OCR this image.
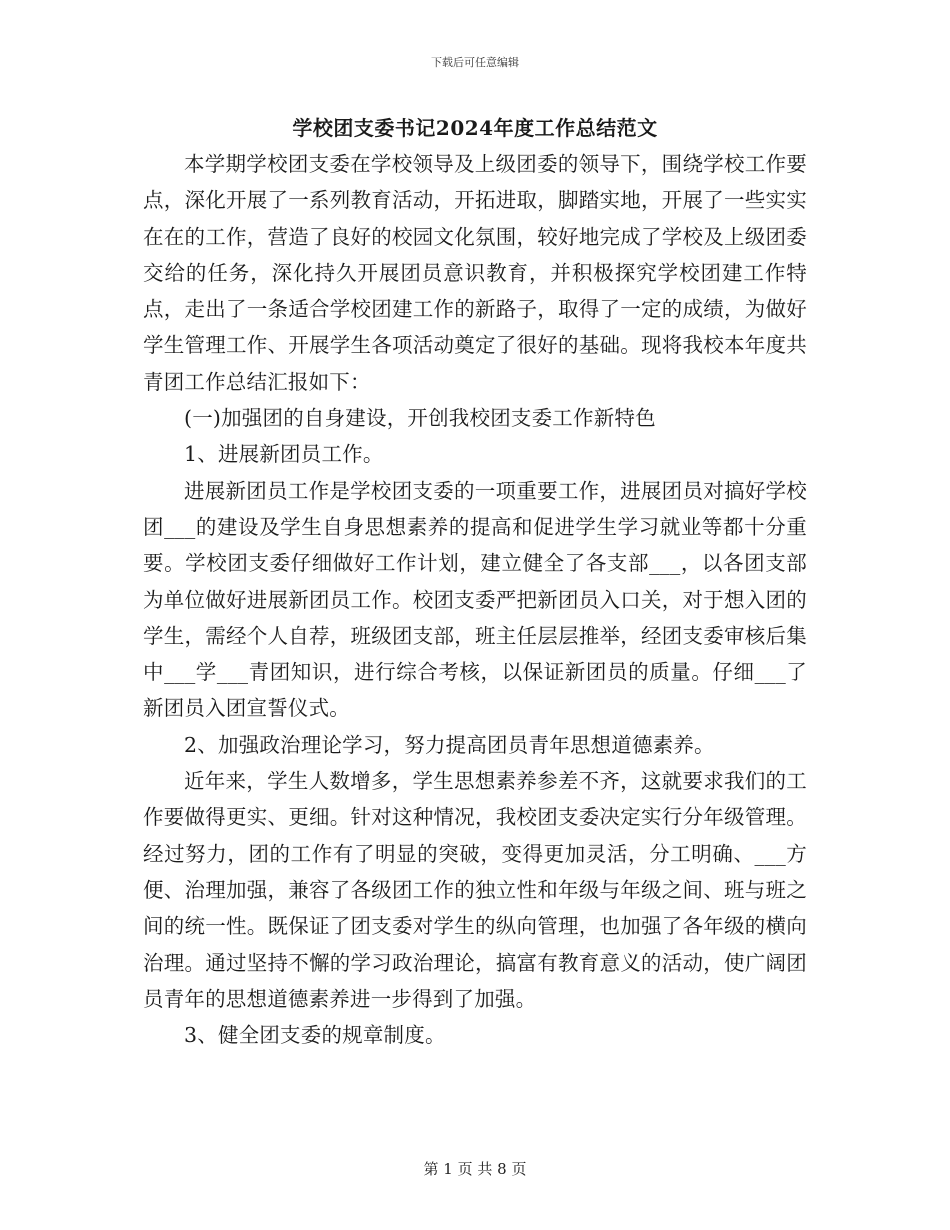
下载后可任意编辑
学校团支委书记2024年度工作总结范文

本学期学校团支委在学校领导及上级团委的领导下，围绕学校工作要点，深化开展了一系列教育活动，开拓进取，脚踏实地，开展了一些实实在在的工作，营造了良好的校园文化氛围，较好地完成了学校及上级团委交给的任务，深化持久开展团员意识教育，并积极探究学校团建工作特点，走出了一条适合学校团建工作的新路子，取得了一定的成绩，为做好学生管理工作、开展学生各项活动奠定了很好的基础。现将我校本年度共青团工作总结汇报如下：

(一)加强团的自身建设，开创我校团支委工作新特色

1、进展新团员工作。

进展新团员工作是学校团支委的一项重要工作，进展团员对搞好学校团___的建设及学生自身思想素养的提高和促进学生学习就业等都十分重要。学校团支委仔细做好工作计划，建立健全了各支部___，以各团支部为单位做好进展新团员工作。校团支委严把新团员入口关，对于想入团的学生，需经个人自荐，班级团支部，班主任层层推举，经团支委审核后集中___学___青团知识，进行综合考核，以保证新团员的质量。仔细___了新团员入团宣誓仪式。

2、加强政治理论学习，努力提高团员青年思想道德素养。

近年来，学生人数增多，学生思想素养参差不齐，这就要求我们的工作要做得更实、更细。针对这种情况，我校团支委决定实行分年级管理。经过努力，团的工作有了明显的突破，变得更加灵活，分工明确、___方便、治理加强，兼容了各级团工作的独立性和年级与年级之间、班与班之间的统一性。既保证了团支委对学生的纵向管理，也加强了各年级的横向治理。通过坚持不懈的学习政治理论，搞富有教育意义的活动，使广阔团员青年的思想道德素养进一步得到了加强。

3、健全团支委的规章制度。

第 1 页 共 8 页
